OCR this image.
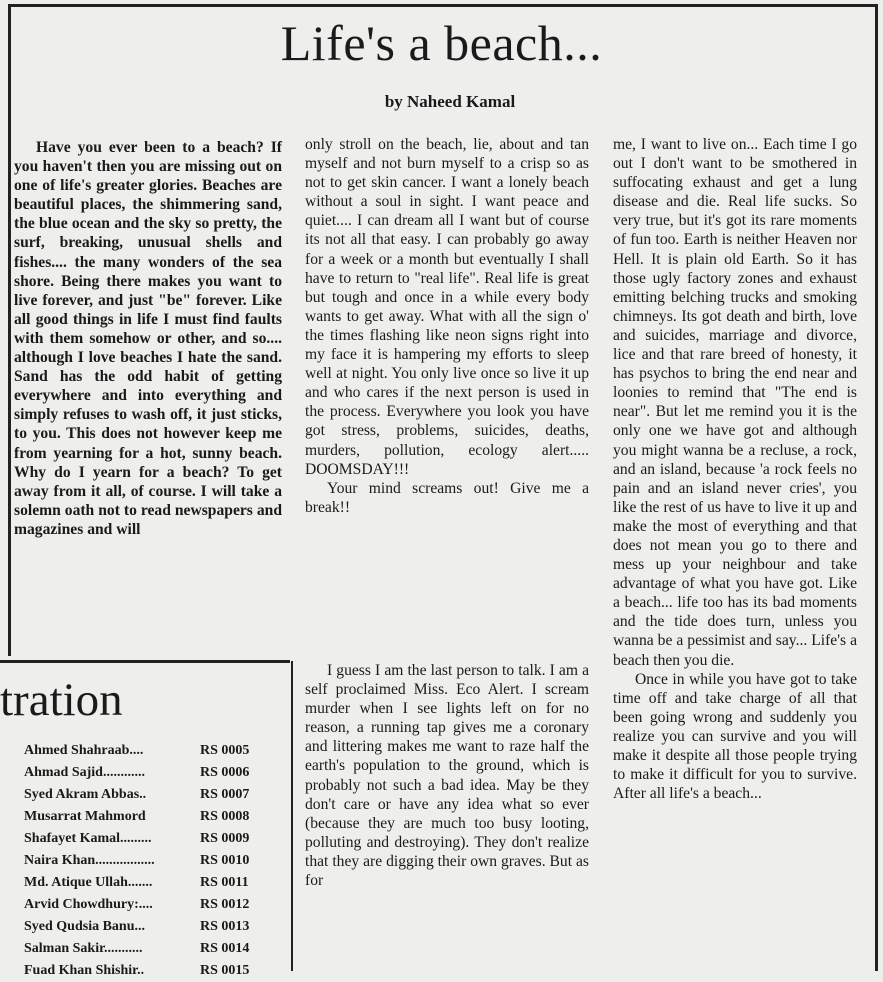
Life's a beach...
by Naheed Kamal

Have you ever been to a beach? If you haven't then you are missing out on one of life's greater glories. Beaches are beautiful places, the shimmering sand, the blue ocean and the sky so pretty, the surf, breaking, unusual shells and fishes.... the many wonders of the sea shore. Being there makes you want to live forever, and just "be" forever. Like all good things in life I must find faults with them somehow or other, and so.... although I love beaches I hate the sand. Sand has the odd habit of getting everywhere and into everything and simply refuses to wash off, it just sticks, to you. This does not however keep me from yearning for a hot, sunny beach. Why do I yearn for a beach? To get away from it all, of course. I will take a solemn oath not to read newspapers and magazines and will

only stroll on the beach, lie, about and tan myself and not burn myself to a crisp so as not to get skin cancer. I want a lonely beach without a soul in sight. I want peace and quiet.... I can dream all I want but of course its not all that easy. I can probably go away for a week or a month but eventually I shall have to return to "real life". Real life is great but tough and once in a while every body wants to get away. What with all the sign o' the times flashing like neon signs right into my face it is hampering my efforts to sleep well at night. You only live once so live it up and who cares if the next person is used in the process. Everywhere you look you have got stress, problems, suicides, deaths, murders, pollution, ecology alert..... DOOMSDAY!!!

Your mind screams out! Give me a break!!

I guess I am the last person to talk. I am a self proclaimed Miss. Eco Alert. I scream murder when I see lights left on for no reason, a running tap gives me a coronary and littering makes me want to raze half the earth's population to the ground, which is probably not such a bad idea. May be they don't care or have any idea what so ever (because they are much too busy looting, polluting and destroying). They don't realize that they are digging their own graves. But as for

me, I want to live on... Each time I go out I don't want to be smothered in suffocating exhaust and get a lung disease and die. Real life sucks. So very true, but it's got its rare moments of fun too. Earth is neither Heaven nor Hell. It is plain old Earth. So it has those ugly factory zones and exhaust emitting belching trucks and smoking chimneys. Its got death and birth, love and suicides, marriage and divorce, lice and that rare breed of honesty, it has psychos to bring the end near and loonies to remind that "The end is near". But let me remind you it is the only one we have got and although you might wanna be a recluse, a rock, and an island, because 'a rock feels no pain and an island never cries', you like the rest of us have to live it up and make the most of everything and that does not mean you go to there and mess up your neighbour and take advantage of what you have got. Like a beach... life too has its bad moments and the tide does turn, unless you wanna be a pessimist and say... Life's a beach then you die.

Once in while you have got to take time off and take charge of all that been going wrong and suddenly you realize you can survive and you will make it despite all those people trying to make it difficult for you to survive. After all life's a beach...

tration
Ahmed Shahraab....	RS 0005
Ahmad Sajid............	RS 0006
Syed Akram Abbas..	RS 0007
Musarrat Mahmord	RS 0008
Shafayet Kamal.........	RS 0009
Naira Khan.................	RS 0010
Md. Atique Ullah.......	RS 0011
Arvid Chowdhury:....	RS 0012
Syed Qudsia Banu...	RS 0013
Salman Sakir...........	RS 0014
Fuad Khan Shishir..	RS 0015
